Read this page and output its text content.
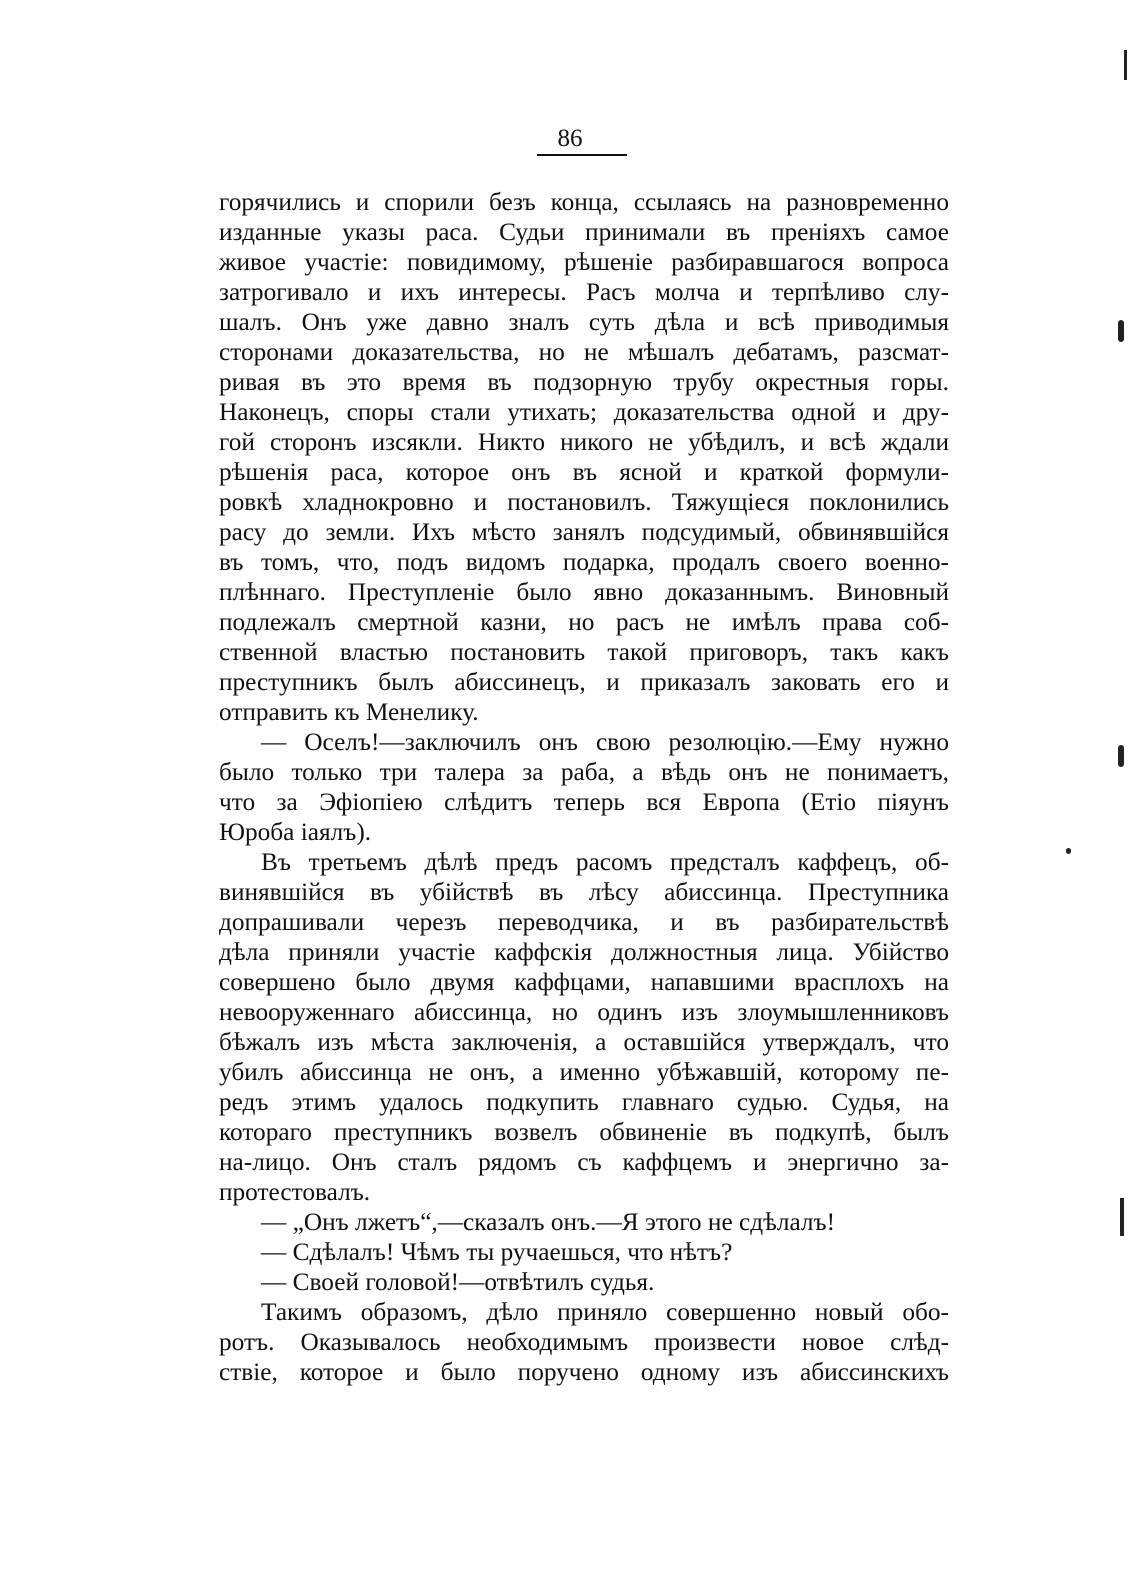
86
горячились и спорили безъ конца, ссылаясь на разновременно
изданные указы раса. Судьи принимали въ преніяхъ самое
живое участіе: повидимому, рѣшеніе разбиравшагося вопроса
затрогивало и ихъ интересы. Расъ молча и терпѣливо слу-
шалъ. Онъ уже давно зналъ суть дѣла и всѣ приводимыя
сторонами доказательства, но не мѣшалъ дебатамъ, разсмат-
ривая въ это время въ подзорную трубу окрестныя горы.
Наконецъ, споры стали утихать; доказательства одной и дру-
гой сторонъ изсякли. Никто никого не убѣдилъ, и всѣ ждали
рѣшенія раса, которое онъ въ ясной и краткой формули-
ровкѣ хладнокровно и постановилъ. Тяжущіеся поклонились
расу до земли. Ихъ мѣсто занялъ подсудимый, обвинявшійся
въ томъ, что, подъ видомъ подарка, продалъ своего военно-
плѣннаго. Преступленіе было явно доказаннымъ. Виновный
подлежалъ смертной казни, но расъ не имѣлъ права соб-
ственной властью постановить такой приговоръ, такъ какъ
преступникъ былъ абиссинецъ, и приказалъ заковать его и
отправить къ Менелику.
— Оселъ!—заключилъ онъ свою резолюцію.—Ему нужно
было только три талера за раба, а вѣдь онъ не понимаетъ,
что за Эфіопіею слѣдитъ теперь вся Европа (Етіо піяунъ
Юроба іаялъ).
Въ третьемъ дѣлѣ предъ расомъ предсталъ каффецъ, об-
винявшійся въ убійствѣ въ лѣсу абиссинца. Преступника
допрашивали черезъ переводчика, и въ разбирательствѣ
дѣла приняли участіе каффскія должностныя лица. Убійство
совершено было двумя каффцами, напавшими врасплохъ на
невооруженнаго абиссинца, но одинъ изъ злоумышленниковъ
бѣжалъ изъ мѣста заключенія, а оставшійся утверждалъ, что
убилъ абиссинца не онъ, а именно убѣжавшій, которому пе-
редъ этимъ удалось подкупить главнаго судью. Судья, на
котораго преступникъ возвелъ обвиненіе въ подкупѣ, былъ
на-лицо. Онъ сталъ рядомъ съ каффцемъ и энергично за-
протестовалъ.
— „Онъ лжетъ“,—сказалъ онъ.—Я этого не сдѣлалъ!
— Сдѣлалъ! Чѣмъ ты ручаешься, что нѣтъ?
— Своей головой!—отвѣтилъ судья.
Такимъ образомъ, дѣло приняло совершенно новый обо-
ротъ. Оказывалось необходимымъ произвести новое слѣд-
ствіе, которое и было поручено одному изъ абиссинскихъ
